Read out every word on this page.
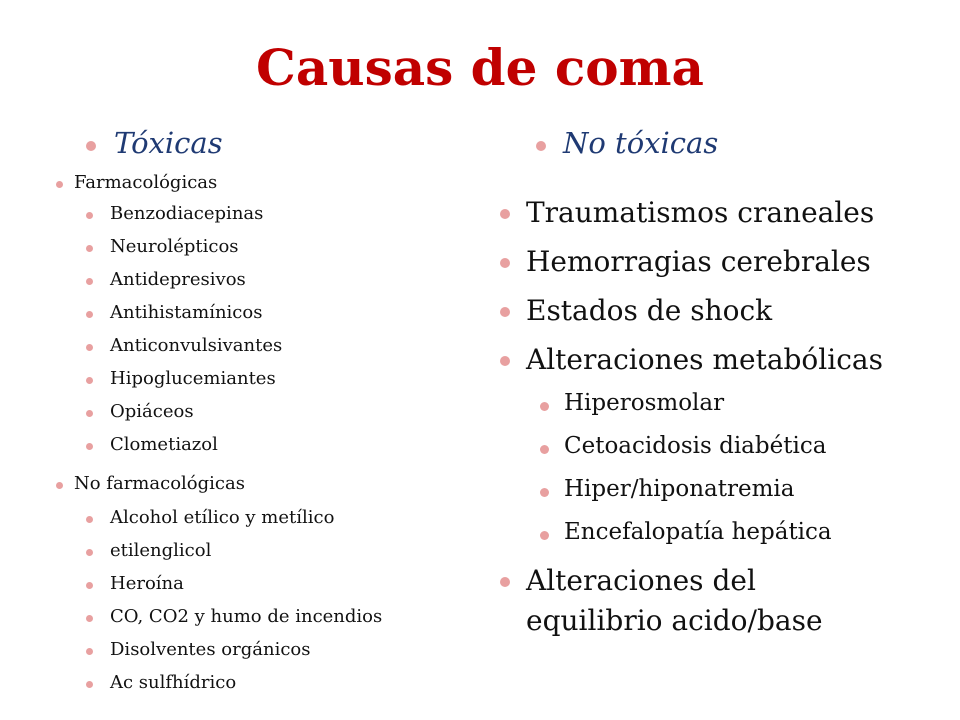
Causas de coma
Tóxicas
Farmacológicas
Benzodiacepinas
Neurolépticos
Antidepresivos
Antihistamínicos
Anticonvulsivantes
Hipoglucemiantes
Opiáceos
Clometiazol
No farmacológicas
Alcohol etílico y metílico
etilenglicol
Heroína
CO, CO2 y humo de incendios
Disolventes orgánicos
Ac sulfhídrico
No tóxicas
Traumatismos craneales
Hemorragias cerebrales
Estados de shock
Alteraciones metabólicas
Hiperosmolar
Cetoacidosis diabética
Hiper/hiponatremia
Encefalopatía hepática
Alteraciones del
equilibrio acido/base
